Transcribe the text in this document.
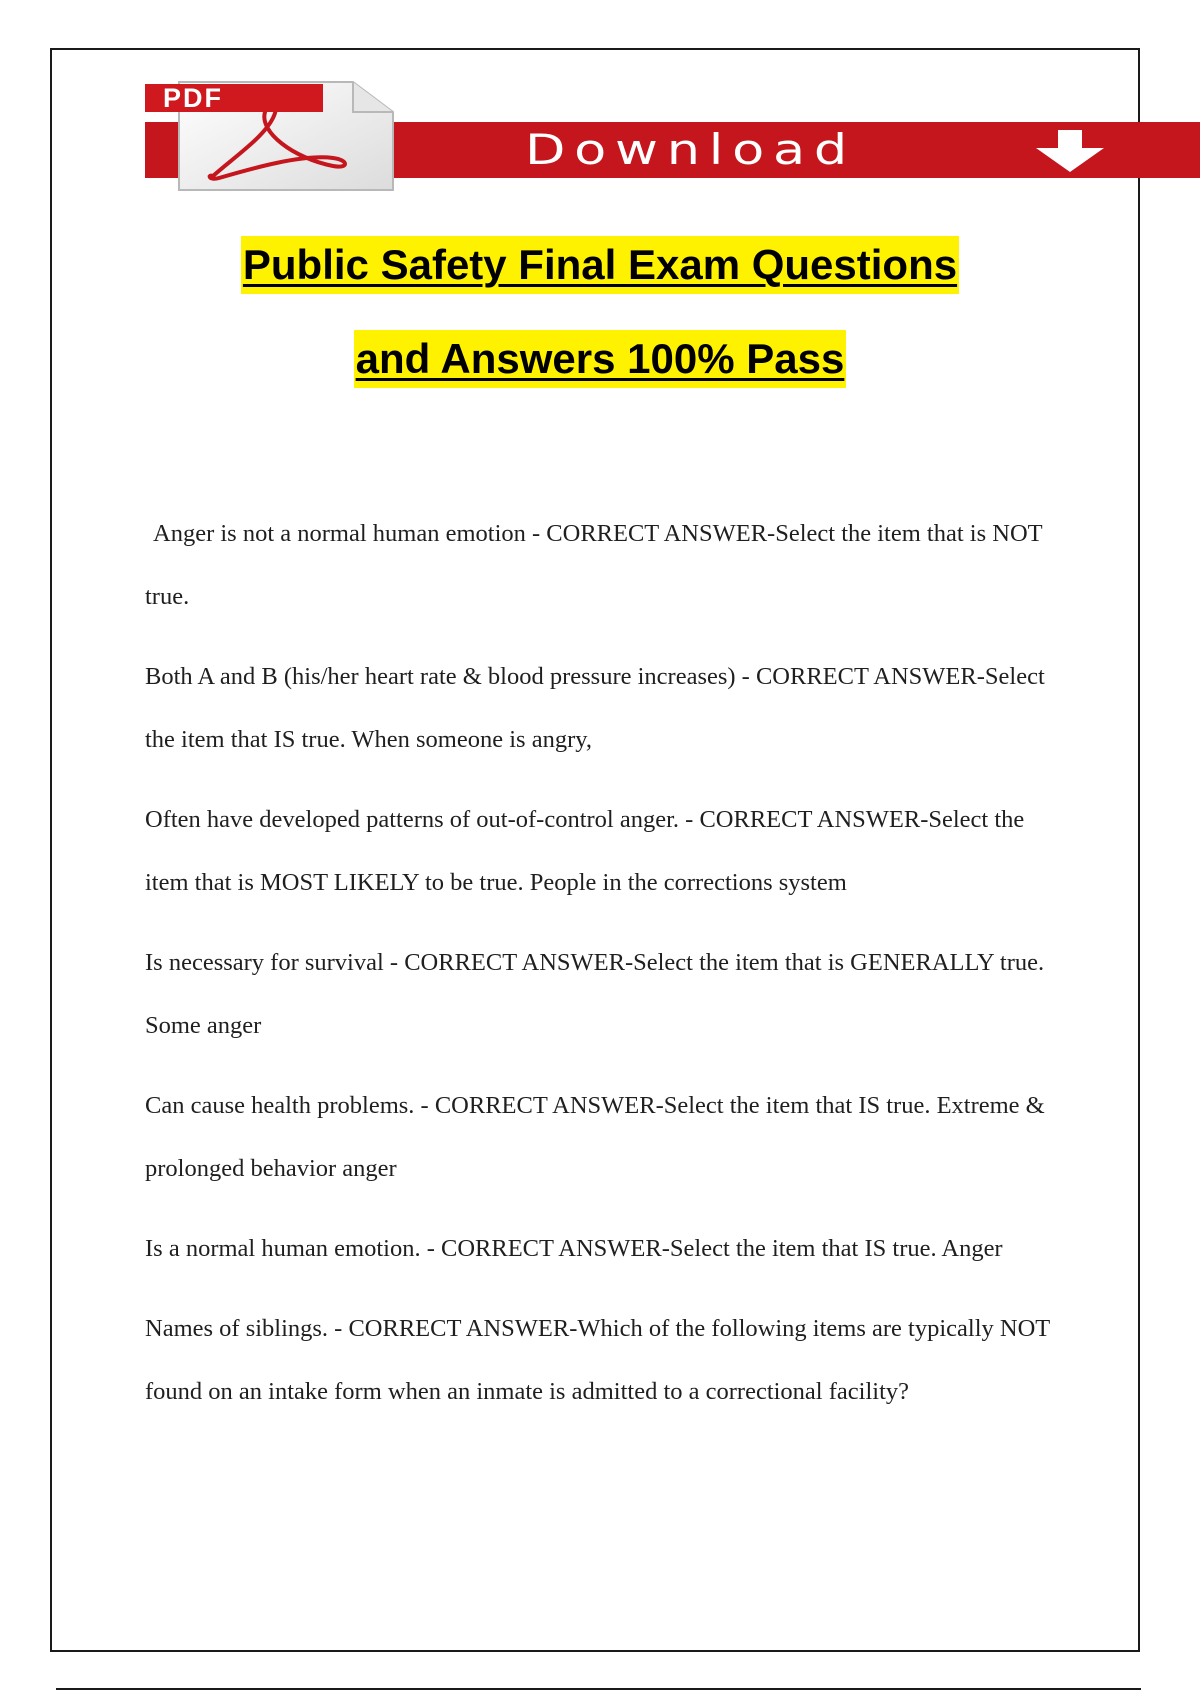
PDF

Download

Public Safety Final Exam Questions
and Answers 100% Pass
Anger is not a normal human emotion - CORRECT ANSWER-Select the item that is NOT true.
Both A and B (his/her heart rate & blood pressure increases) - CORRECT ANSWER-Select the item that IS true. When someone is angry,
Often have developed patterns of out-of-control anger. - CORRECT ANSWER-Select the item that is MOST LIKELY to be true. People in the corrections system
Is necessary for survival - CORRECT ANSWER-Select the item that is GENERALLY true. Some anger
Can cause health problems. - CORRECT ANSWER-Select the item that IS true. Extreme & prolonged behavior anger
Is a normal human emotion. - CORRECT ANSWER-Select the item that IS true. Anger
Names of siblings. - CORRECT ANSWER-Which of the following items are typically NOT found on an intake form when an inmate is admitted to a correctional facility?
